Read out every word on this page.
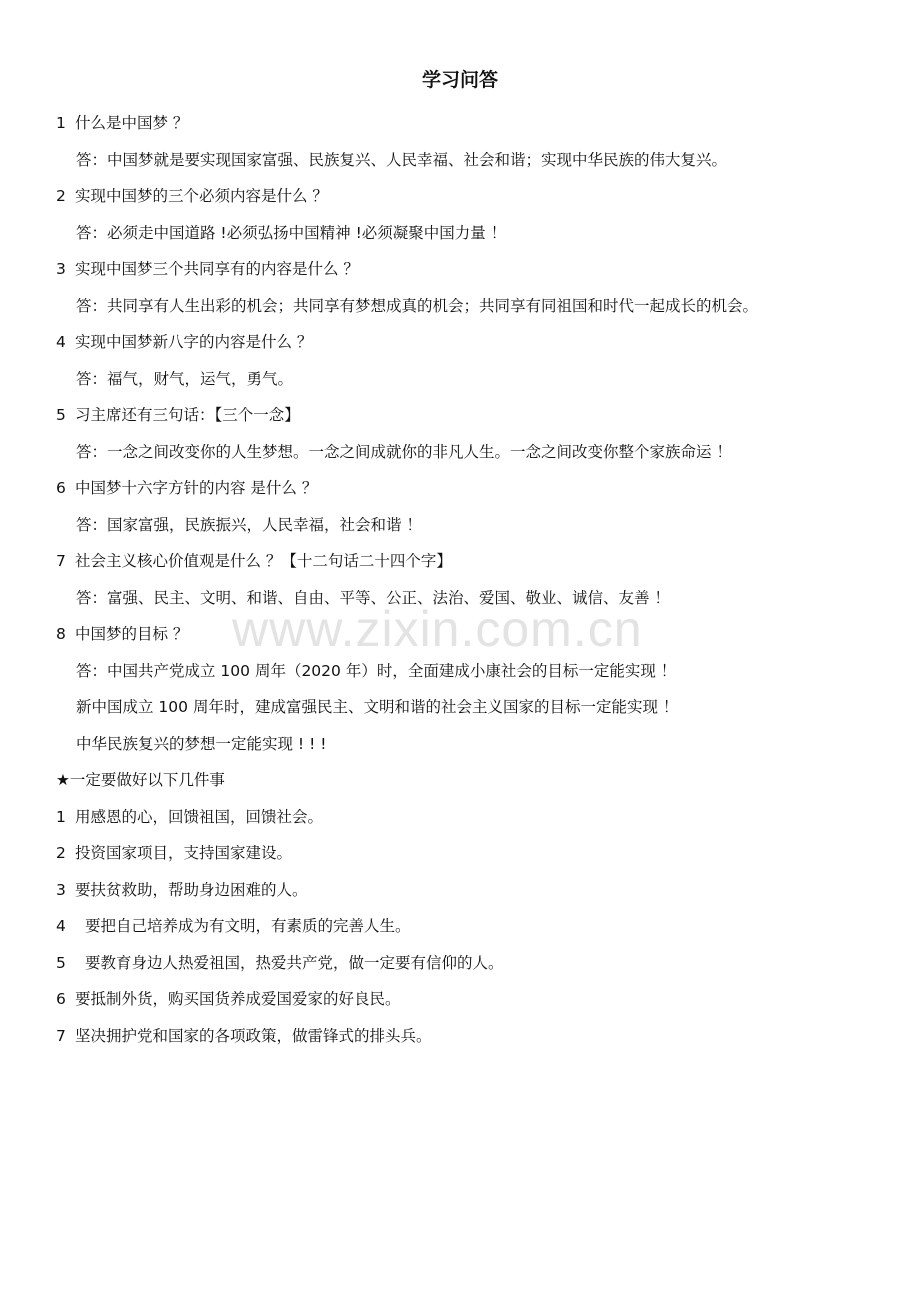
www.zixin.com.cn
学习问答
1 什么是中国梦 ？
答：中国梦就是要实现国家富强、民族复兴、人民幸福、社会和谐；实现中华民族的伟大复兴。
2 实现中国梦的三个必须内容是什么 ？
答：必须走中国道路 !必须弘扬中国精神 !必须凝聚中国力量 ！
3 实现中国梦三个共同享有的内容是什么 ？
答：共同享有人生出彩的机会；共同享有梦想成真的机会；共同享有同祖国和时代一起成长的机会。
4 实现中国梦新八字的内容是什么 ？
答：福气，财气，运气，勇气。
5 习主席还有三句话：【三个一念】
答：一念之间改变你的人生梦想。一念之间成就你的非凡人生。一念之间改变你整个家族命运 ！
6 中国梦十六字方针的内容 是什么 ？
答：国家富强，民族振兴，人民幸福，社会和谐 ！
7 社会主义核心价值观是什么 ？【十二句话二十四个字】
答：富强、民主、文明、和谐、自由、平等、公正、法治、爱国、敬业、诚信、友善 ！
8 中国梦的目标 ？
答：中国共产党成立 100 周年（2020 年）时，全面建成小康社会的目标一定能实现 ！
新中国成立 100 周年时，建成富强民主、文明和谐的社会主义国家的目标一定能实现 ！
中华民族复兴的梦想一定能实现 ! ! !
★一定要做好以下几件事
1 用感恩的心，回馈祖国，回馈社会。
2 投资国家项目，支持国家建设。
3 要扶贫救助，帮助身边困难的人。
4 要把自己培养成为有文明，有素质的完善人生。
5 要教育身边人热爱祖国，热爱共产党，做一定要有信仰的人。
6 要抵制外货，购买国货养成爱国爱家的好良民。
7 坚决拥护党和国家的各项政策，做雷锋式的排头兵。
